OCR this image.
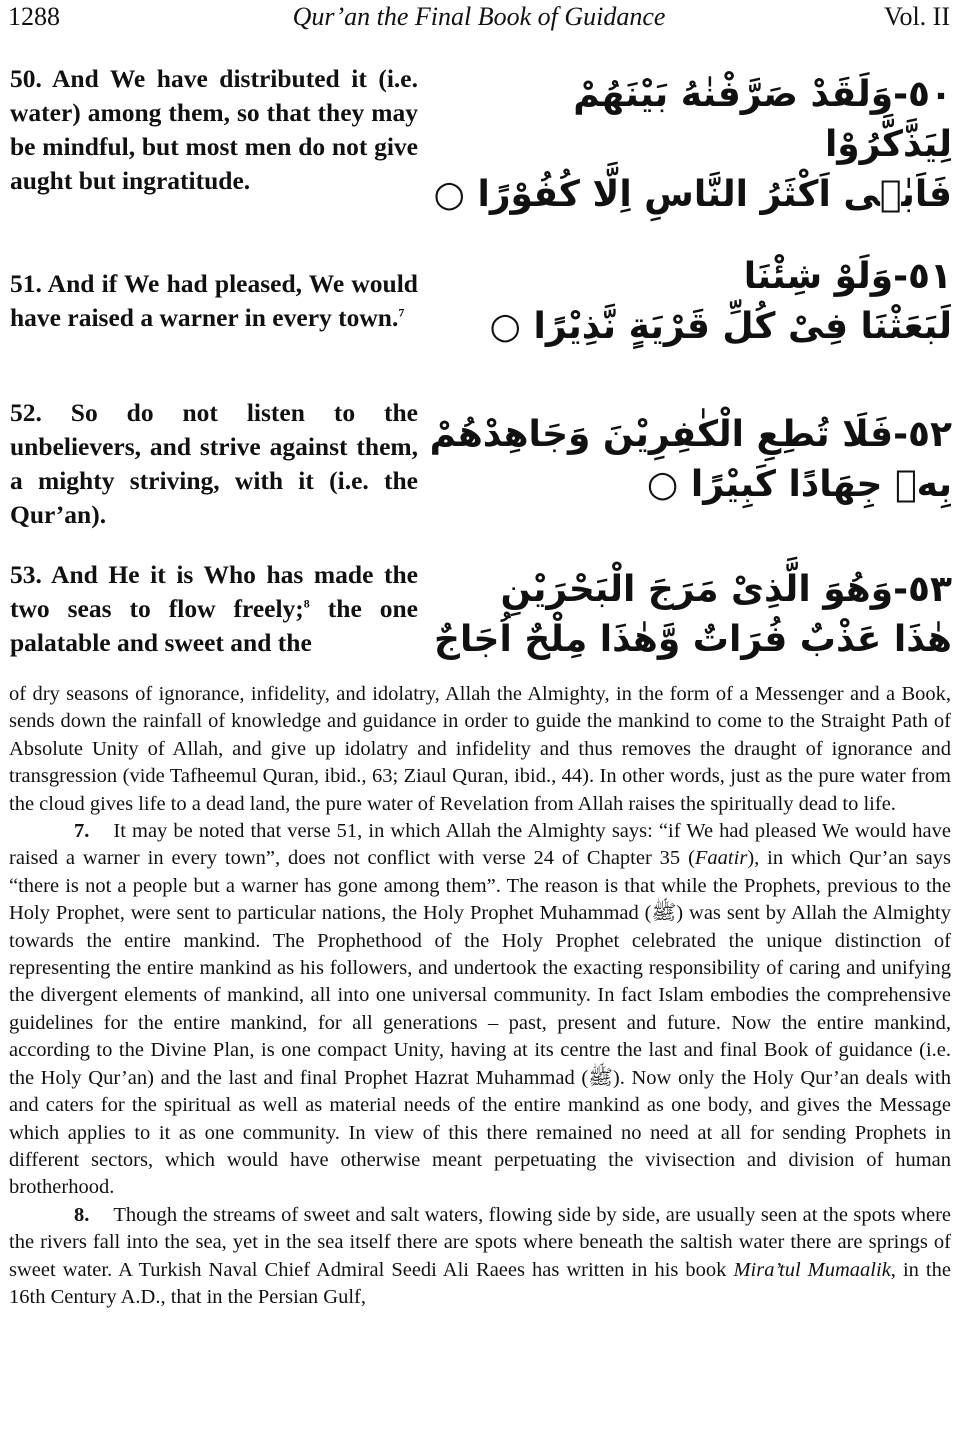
1288	Qur’an the Final Book of Guidance	Vol. II

50. And We have distributed it (i.e. water) among them, so that they may be mindful, but most men do not give aught but ingratitude.

٥٠-وَلَقَدْ صَرَّفْنٰهُ بَيْنَهُمْ
لِيَذَّكَّرُوْا
فَاَبٰۤى اَكْثَرُ النَّاسِ اِلَّا كُفُوْرًا ○

51. And if We had pleased, We would have raised a warner in every town.$^7$

٥١-وَلَوْ شِئْنَا
لَبَعَثْنَا فِىْ كُلِّ قَرْيَةٍ نَّذِيْرًا ○

52. So do not listen to the unbelievers, and strive against them, a mighty striving, with it (i.e. the Qur’an).

٥٢-فَلَا تُطِعِ الْكٰفِرِيْنَ وَجَاهِدْهُمْ
بِهٖ جِهَادًا كَبِيْرًا ○

53. And He it is Who has made the two seas to flow freely;$^8$ the one palatable and sweet and the

٥٣-وَهُوَ الَّذِىْ مَرَجَ الْبَحْرَيْنِ
هٰذَا عَذْبٌ فُرَاتٌ وَّهٰذَا مِلْحٌ اُجَاجٌ

of dry seasons of ignorance, infidelity, and idolatry, Allah the Almighty, in the form of a Messenger and a Book, sends down the rainfall of knowledge and guidance in order to guide the mankind to come to the Straight Path of Absolute Unity of Allah, and give up idolatry and infidelity and thus removes the draught of ignorance and transgression (vide Tafheemul Quran, ibid., 63; Ziaul Quran, ibid., 44). In other words, just as the pure water from the cloud gives life to a dead land, the pure water of Revelation from Allah raises the spiritually dead to life.

7. It may be noted that verse 51, in which Allah the Almighty says: “if We had pleased We would have raised a warner in every town”, does not conflict with verse 24 of Chapter 35 (Faatir), in which Qur’an says “there is not a people but a warner has gone among them”. The reason is that while the Prophets, previous to the Holy Prophet, were sent to particular nations, the Holy Prophet Muhammad (ﷺ) was sent by Allah the Almighty towards the entire mankind. The Prophethood of the Holy Prophet celebrated the unique distinction of representing the entire mankind as his followers, and undertook the exacting responsibility of caring and unifying the divergent elements of mankind, all into one universal community. In fact Islam embodies the comprehensive guidelines for the entire mankind, for all generations – past, present and future. Now the entire mankind, according to the Divine Plan, is one compact Unity, having at its centre the last and final Book of guidance (i.e. the Holy Qur’an) and the last and final Prophet Hazrat Muhammad (ﷺ). Now only the Holy Qur’an deals with and caters for the spiritual as well as material needs of the entire mankind as one body, and gives the Message which applies to it as one community. In view of this there remained no need at all for sending Prophets in different sectors, which would have otherwise meant perpetuating the vivisection and division of human brotherhood.

8. Though the streams of sweet and salt waters, flowing side by side, are usually seen at the spots where the rivers fall into the sea, yet in the sea itself there are spots where beneath the saltish water there are springs of sweet water. A Turkish Naval Chief Admiral Seedi Ali Raees has written in his book Mira’tul Mumaalik, in the 16th Century A.D., that in the Persian Gulf,
